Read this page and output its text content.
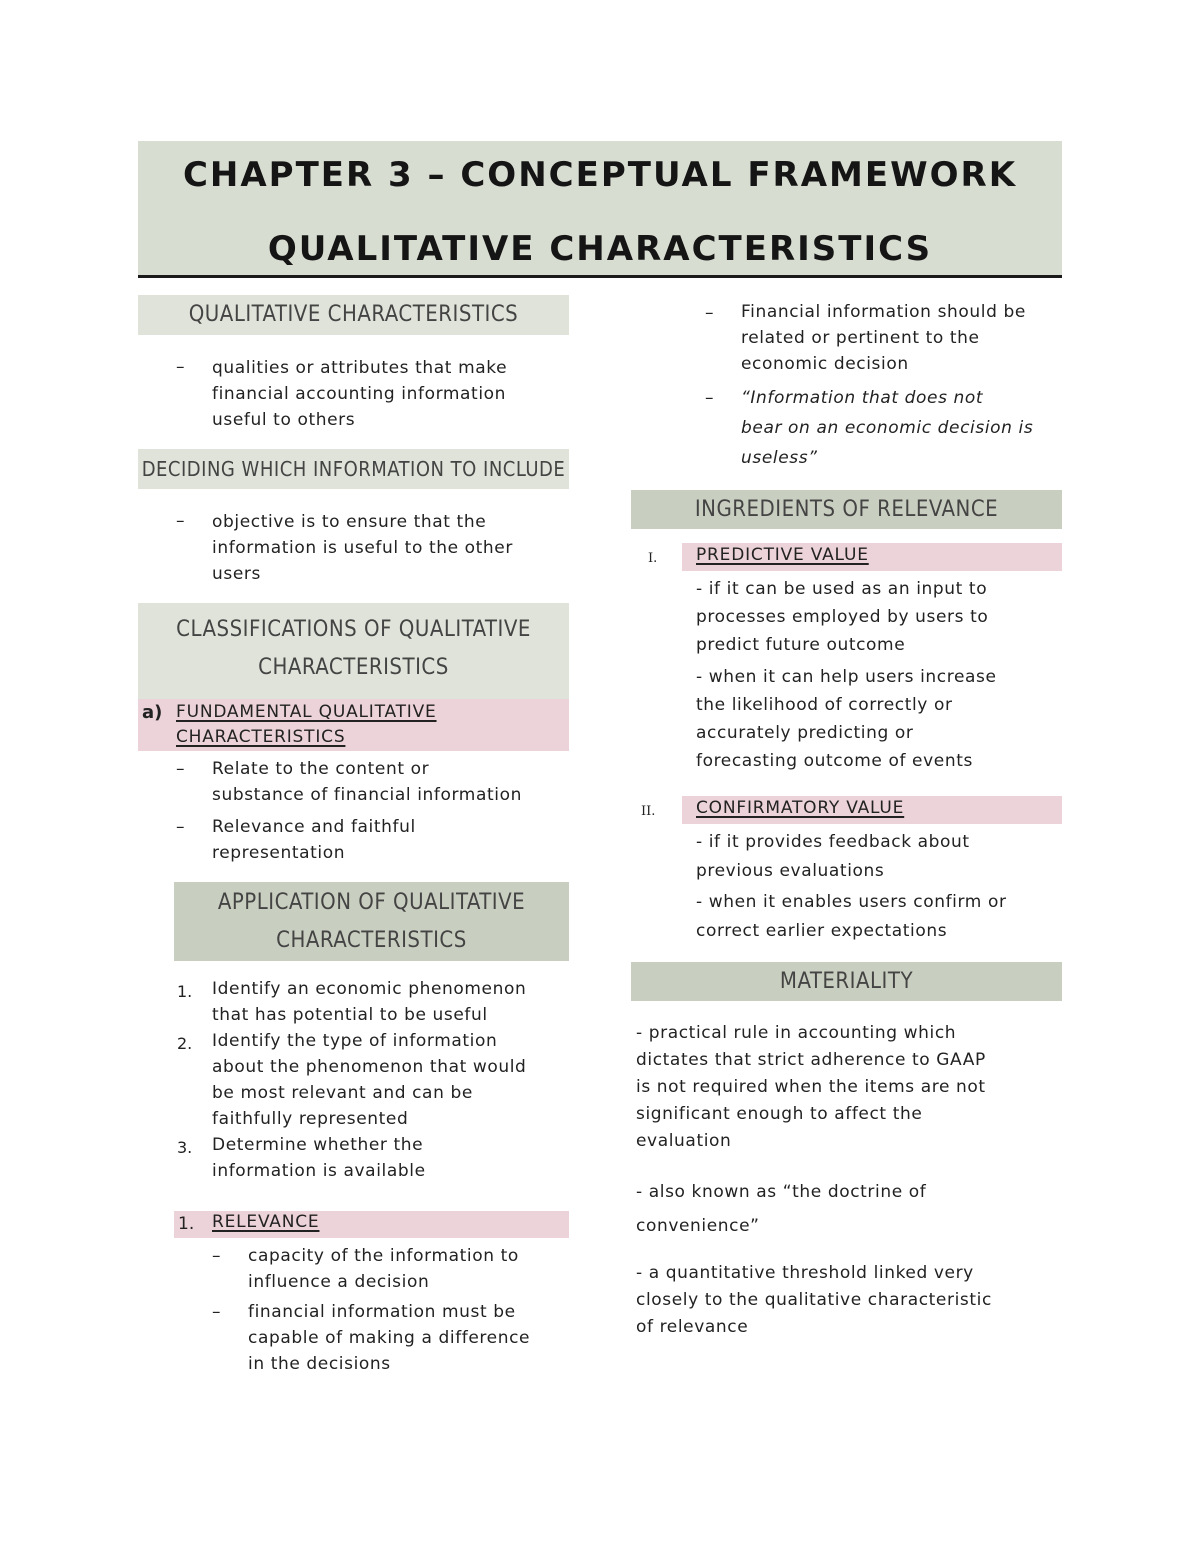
CHAPTER 3 – CONCEPTUAL FRAMEWORK
QUALITATIVE CHARACTERISTICS
QUALITATIVE CHARACTERISTICS
– qualities or attributes that make
financial accounting information
useful to others
DECIDING WHICH INFORMATION TO INCLUDE
– objective is to ensure that the
information is useful to the other
users
CLASSIFICATIONS OF QUALITATIVE
CHARACTERISTICS
a) FUNDAMENTAL QUALITATIVE
CHARACTERISTICS
– Relate to the content or
substance of financial information
– Relevance and faithful
representation
APPLICATION OF QUALITATIVE
CHARACTERISTICS
1. Identify an economic phenomenon
that has potential to be useful
2. Identify the type of information
about the phenomenon that would
be most relevant and can be
faithfully represented
3. Determine whether the
information is available
1. RELEVANCE
– capacity of the information to
influence a decision
– financial information must be
capable of making a difference
in the decisions
– Financial information should be
related or pertinent to the
economic decision
– “Information that does not
bear on an economic decision is
useless”
INGREDIENTS OF RELEVANCE
PREDICTIVE VALUE
I.
- if it can be used as an input to
processes employed by users to
predict future outcome
- when it can help users increase
the likelihood of correctly or
accurately predicting or
forecasting outcome of events
CONFIRMATORY VALUE
II.
- if it provides feedback about
previous evaluations
- when it enables users confirm or
correct earlier expectations
MATERIALITY
- practical rule in accounting which
dictates that strict adherence to GAAP
is not required when the items are not
significant enough to affect the
evaluation
- also known as “the doctrine of
convenience”
- a quantitative threshold linked very
closely to the qualitative characteristic
of relevance
